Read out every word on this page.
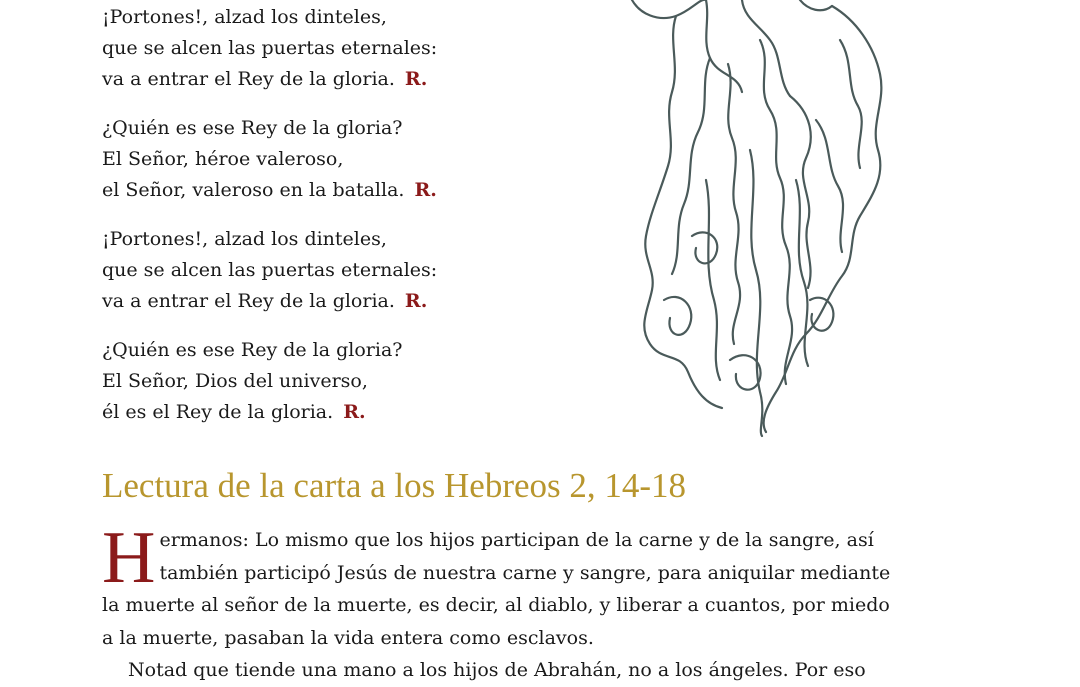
¡Portones!, alzad los dinteles,
que se alcen las puertas eternales:
va a entrar el Rey de la gloria. R.
¿Quién es ese Rey de la gloria?
El Señor, héroe valeroso,
el Señor, valeroso en la batalla. R.
¡Portones!, alzad los dinteles,
que se alcen las puertas eternales:
va a entrar el Rey de la gloria. R.
¿Quién es ese Rey de la gloria?
El Señor, Dios del universo,
él es el Rey de la gloria. R.
Lectura de la carta a los Hebreos 2, 14-18

Hermanos: Lo mismo que los hijos participan de la carne y de la sangre, así también participó Jesús de nuestra carne y sangre, para aniquilar mediante la muerte al señor de la muerte, es decir, al diablo, y liberar a cuantos, por miedo a la muerte, pasaban la vida entera como esclavos.

Notad que tiende una mano a los hijos de Abrahán, no a los ángeles. Por eso
